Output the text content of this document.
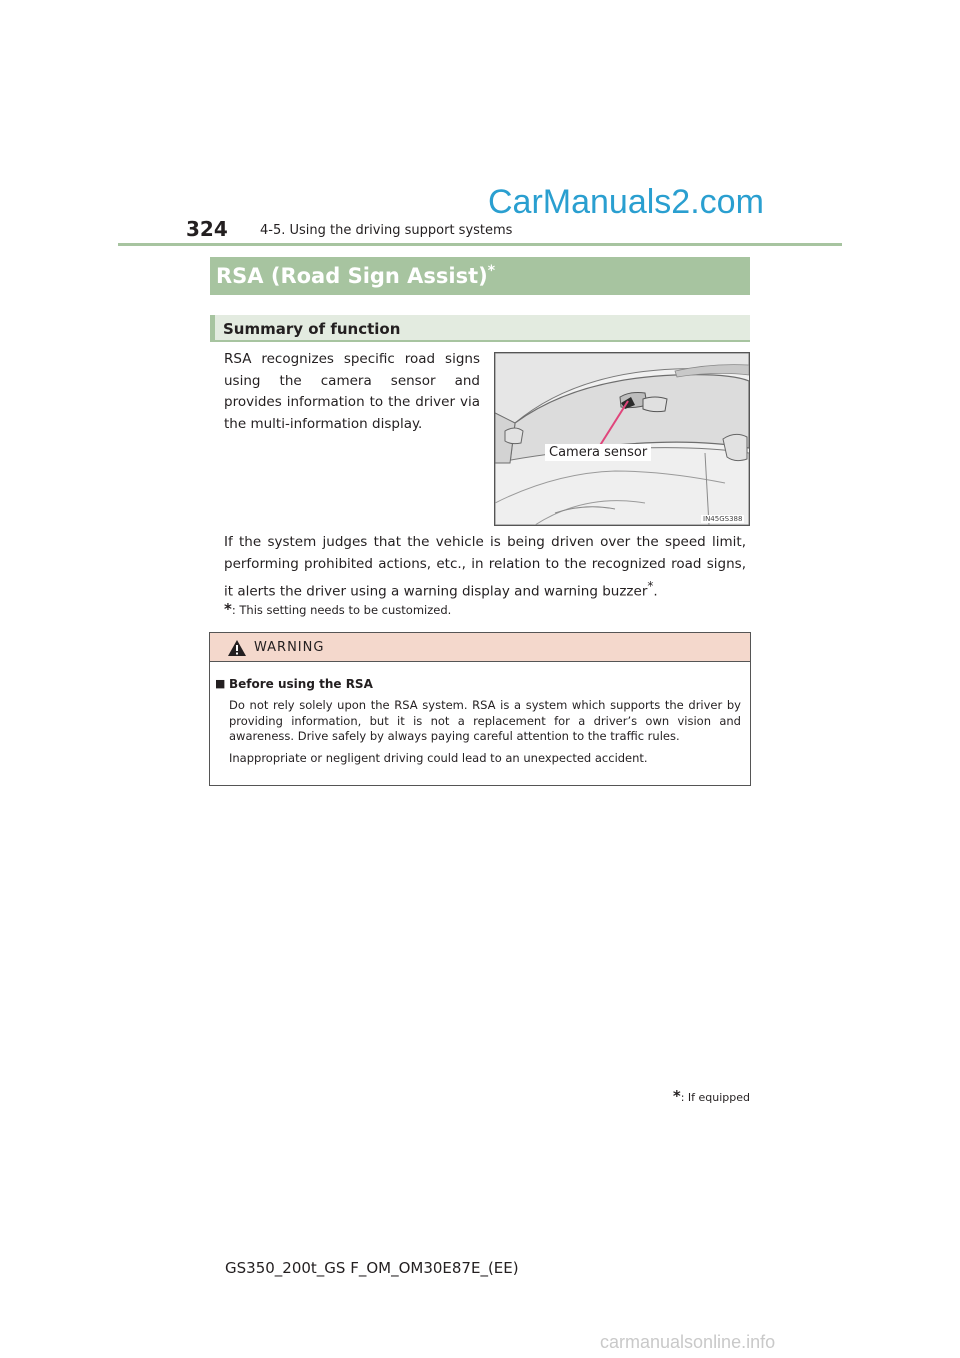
CarManuals2.com
324 4-5. Using the driving support systems
RSA (Road Sign Assist)*
Summary of function

RSA recognizes specific road signs using the camera sensor and provides information to the driver via the multi-information display.

Camera sensor
IN45GS388

If the system judges that the vehicle is being driven over the speed limit, performing prohibited actions, etc., in relation to the recognized road signs, it alerts the driver using a warning display and warning buzzer*.

*: This setting needs to be customized.
WARNING
■ Before using the RSA

Do not rely solely upon the RSA system. RSA is a system which supports the driver by providing information, but it is not a replacement for a driver’s own vision and awareness. Drive safely by always paying careful attention to the traffic rules.

Inappropriate or negligent driving could lead to an unexpected accident.

*: If equipped
GS350_200t_GS F_OM_OM30E87E_(EE)
carmanualsonline.info
